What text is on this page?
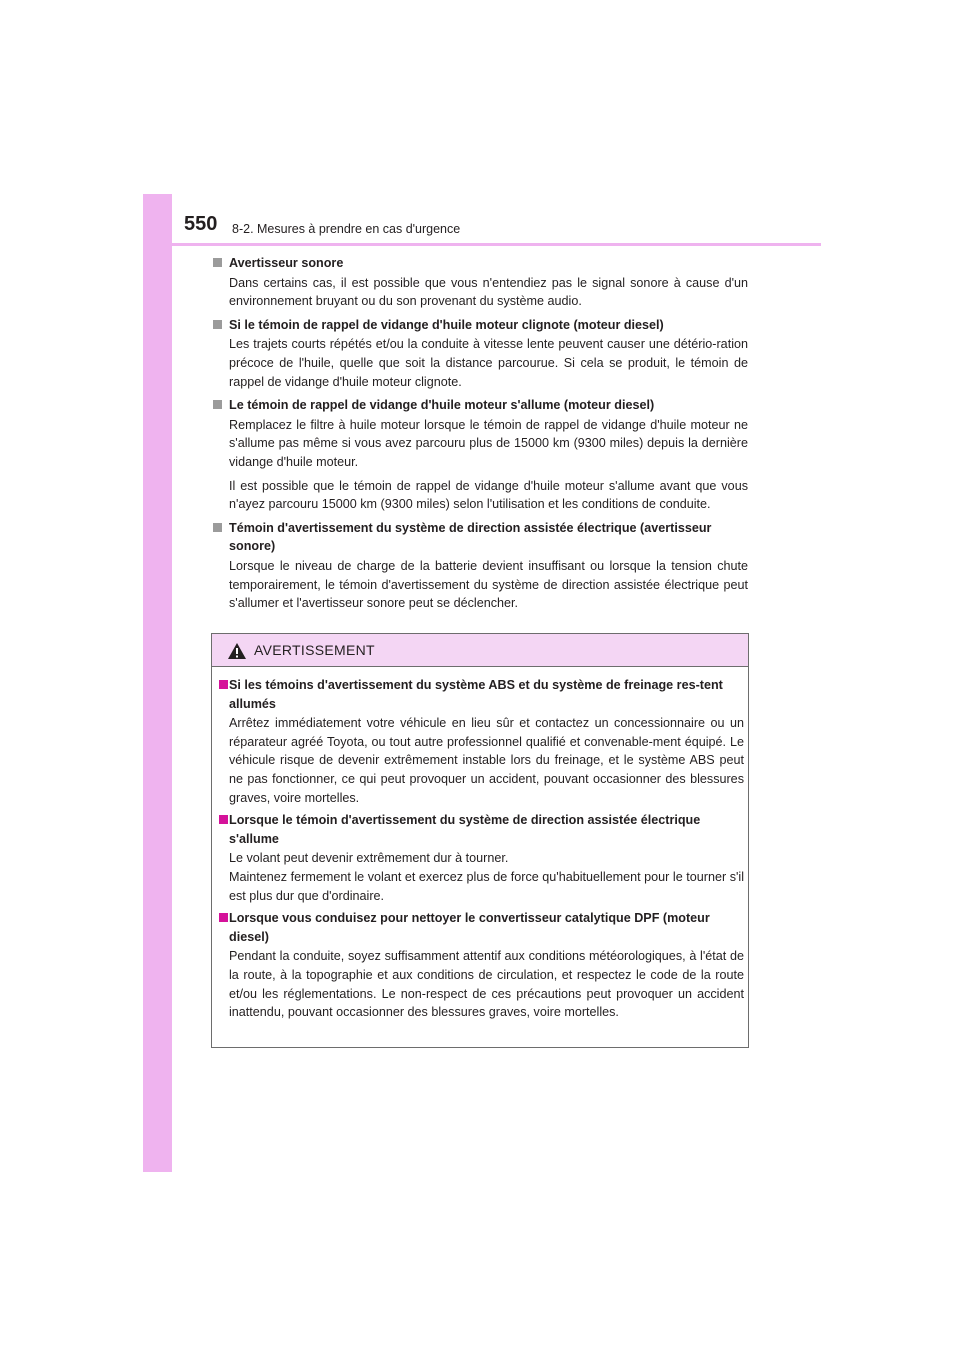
550 8-2. Mesures à prendre en cas d'urgence
Avertisseur sonore
Dans certains cas, il est possible que vous n'entendiez pas le signal sonore à cause d'un environnement bruyant ou du son provenant du système audio.
Si le témoin de rappel de vidange d'huile moteur clignote (moteur diesel)
Les trajets courts répétés et/ou la conduite à vitesse lente peuvent causer une détério-ration précoce de l'huile, quelle que soit la distance parcourue. Si cela se produit, le témoin de rappel de vidange d'huile moteur clignote.
Le témoin de rappel de vidange d'huile moteur s'allume (moteur diesel)
Remplacez le filtre à huile moteur lorsque le témoin de rappel de vidange d'huile moteur ne s'allume pas même si vous avez parcouru plus de 15000 km (9300 miles) depuis la dernière vidange d'huile moteur.
Il est possible que le témoin de rappel de vidange d'huile moteur s'allume avant que vous n'ayez parcouru 15000 km (9300 miles) selon l'utilisation et les conditions de conduite.
Témoin d'avertissement du système de direction assistée électrique (avertisseur sonore)
Lorsque le niveau de charge de la batterie devient insuffisant ou lorsque la tension chute temporairement, le témoin d'avertissement du système de direction assistée électrique peut s'allumer et l'avertisseur sonore peut se déclencher.
AVERTISSEMENT
Si les témoins d'avertissement du système ABS et du système de freinage res-tent allumés
Arrêtez immédiatement votre véhicule en lieu sûr et contactez un concessionnaire ou un réparateur agréé Toyota, ou tout autre professionnel qualifié et convenable-ment équipé. Le véhicule risque de devenir extrêmement instable lors du freinage, et le système ABS peut ne pas fonctionner, ce qui peut provoquer un accident, pouvant occasionner des blessures graves, voire mortelles.
Lorsque le témoin d'avertissement du système de direction assistée électrique s'allume
Le volant peut devenir extrêmement dur à tourner.
Maintenez fermement le volant et exercez plus de force qu'habituellement pour le tourner s'il est plus dur que d'ordinaire.
Lorsque vous conduisez pour nettoyer le convertisseur catalytique DPF (moteur diesel)
Pendant la conduite, soyez suffisamment attentif aux conditions météorologiques, à l'état de la route, à la topographie et aux conditions de circulation, et respectez le code de la route et/ou les réglementations. Le non-respect de ces précautions peut provoquer un accident inattendu, pouvant occasionner des blessures graves, voire mortelles.
